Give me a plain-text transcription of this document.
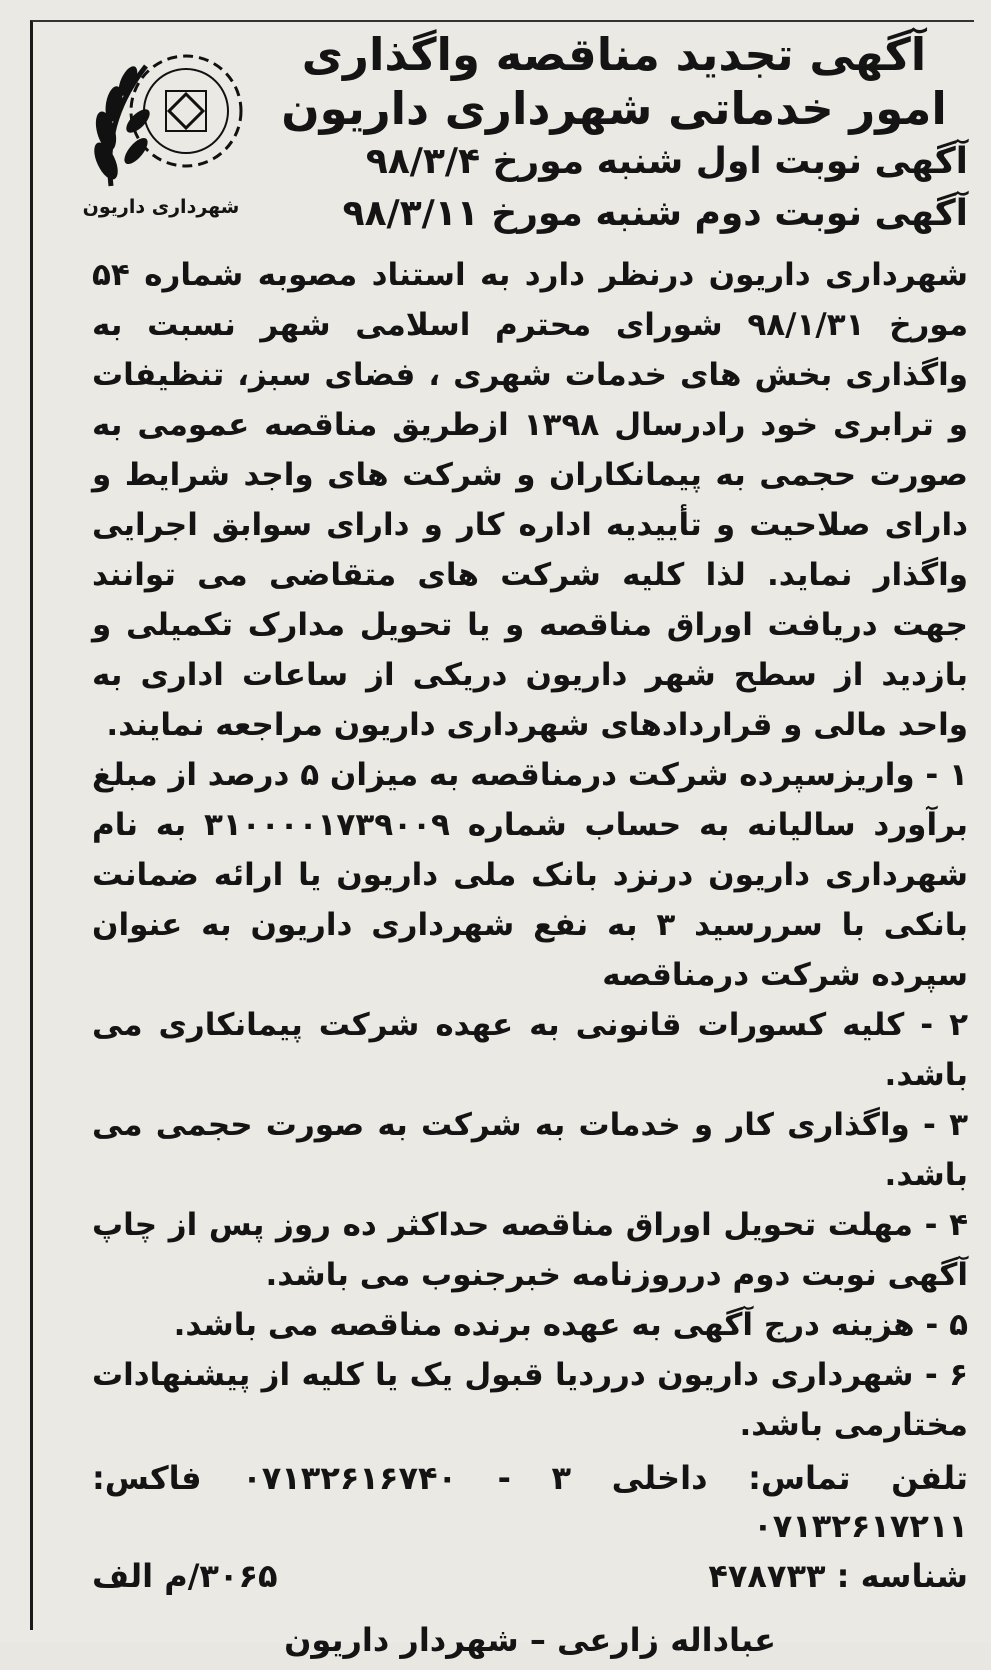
شهرداری داریون
آگهی تجدید مناقصه واگذاری
امور خدماتی شهرداری داریون
آگهی نوبت اول شنبه مورخ ۹۸/۳/۴
آگهی نوبت دوم شنبه مورخ ۹۸/۳/۱۱
شهرداری داریون درنظر دارد به استناد مصوبه شماره ۵۴ مورخ ۹۸/۱/۳۱ شورای محترم اسلامی شهر نسبت به واگذاری بخش های خدمات شهری ، فضای سبز، تنظیفات و ترابری خود رادرسال ۱۳۹۸ ازطریق مناقصه عمومی به صورت حجمی به پیمانکاران و شرکت های واجد شرایط و دارای صلاحیت و تأییدیه اداره کار و دارای سوابق اجرایی واگذار نماید. لذا کلیه شرکت های متقاضی می توانند جهت دریافت اوراق مناقصه و یا تحویل مدارک تکمیلی و بازدید از سطح شهر داریون دریکی از ساعات اداری به واحد مالی و قراردادهای شهرداری داریون مراجعه نمایند.
۱ - واریزسپرده شرکت درمناقصه به میزان ۵ درصد از مبلغ برآورد سالیانه به حساب شماره ۳۱۰۰۰۰۱۷۳۹۰۰۹ به نام شهرداری داریون درنزد بانک ملی داریون یا ارائه ضمانت بانکی با سررسید ۳ به نفع شهرداری داریون به عنوان سپرده شرکت درمناقصه
۲ - کلیه کسورات قانونی به عهده شرکت پیمانکاری می باشد.
۳ - واگذاری کار و خدمات به شرکت به صورت حجمی می باشد.
۴ - مهلت تحویل اوراق مناقصه حداکثر ده روز پس از چاپ آگهی نوبت دوم درروزنامه خبرجنوب می باشد.
۵ - هزینه درج آگهی به عهده برنده مناقصه می باشد.
۶ - شهرداری داریون درردیا قبول یک یا کلیه از پیشنهادات مختارمی باشد.
تلفن تماس: داخلی ۳ - ۰۷۱۳۲۶۱۶۷۴۰ فاکس: ۰۷۱۳۲۶۱۷۲۱۱
شناسه : ۴۷۸۷۳۳
۳۰۶۵/م الف
عباداله زارعی – شهردار داریون
